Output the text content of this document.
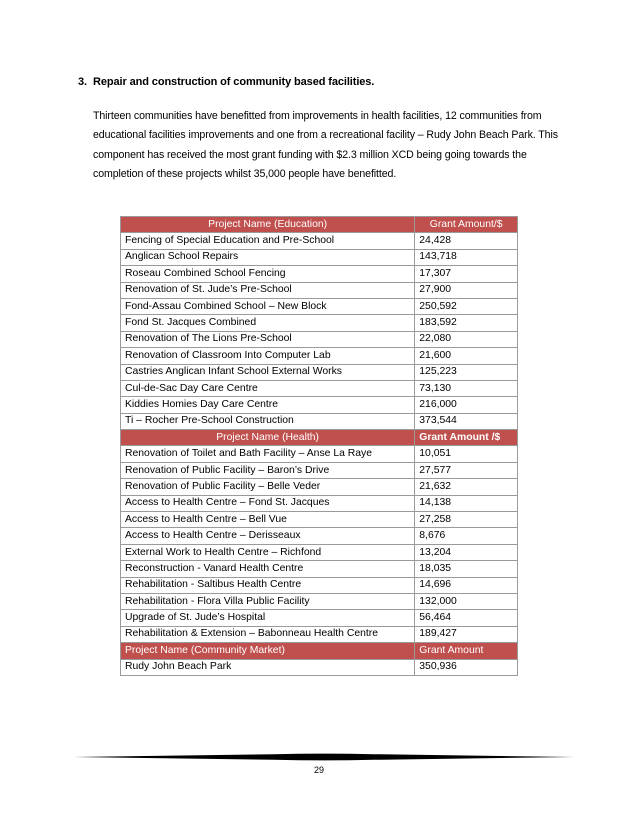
3. Repair and construction of community based facilities.
Thirteen communities have benefitted from improvements in health facilities, 12 communities from educational facilities improvements and one from a recreational facility – Rudy John Beach Park. This component has received the most grant funding with $2.3 million XCD being going towards the completion of these projects whilst 35,000 people have benefitted.
Project Name (Education)	Grant Amount/$
Fencing of Special Education and Pre-School	24,428
Anglican School Repairs	143,718
Roseau Combined School Fencing	17,307
Renovation of St. Jude’s Pre-School	27,900
Fond-Assau Combined School – New Block	250,592
Fond St. Jacques Combined	183,592
Renovation of The Lions Pre-School	22,080
Renovation of Classroom Into Computer Lab	21,600
Castries Anglican Infant School External Works	125,223
Cul-de-Sac Day Care Centre	73,130
Kiddies Homies Day Care Centre	216,000
Ti – Rocher Pre-School Construction	373,544
Project Name (Health)	Grant Amount /$
Renovation of Toilet and Bath Facility – Anse La Raye	10,051
Renovation of Public Facility – Baron’s Drive	27,577
Renovation of Public Facility – Belle Veder	21,632
Access to Health Centre – Fond St. Jacques	14,138
Access to Health Centre – Bell Vue	27,258
Access to Health Centre – Derisseaux	8,676
External Work to Health Centre – Richfond	13,204
Reconstruction - Vanard Health Centre	18,035
Rehabilitation - Saltibus Health Centre	14,696
Rehabilitation - Flora Villa Public Facility	132,000
Upgrade of St. Jude’s Hospital	56,464
Rehabilitation & Extension – Babonneau Health Centre	189,427
Project Name (Community Market)	Grant Amount
Rudy John Beach Park	350,936
29
